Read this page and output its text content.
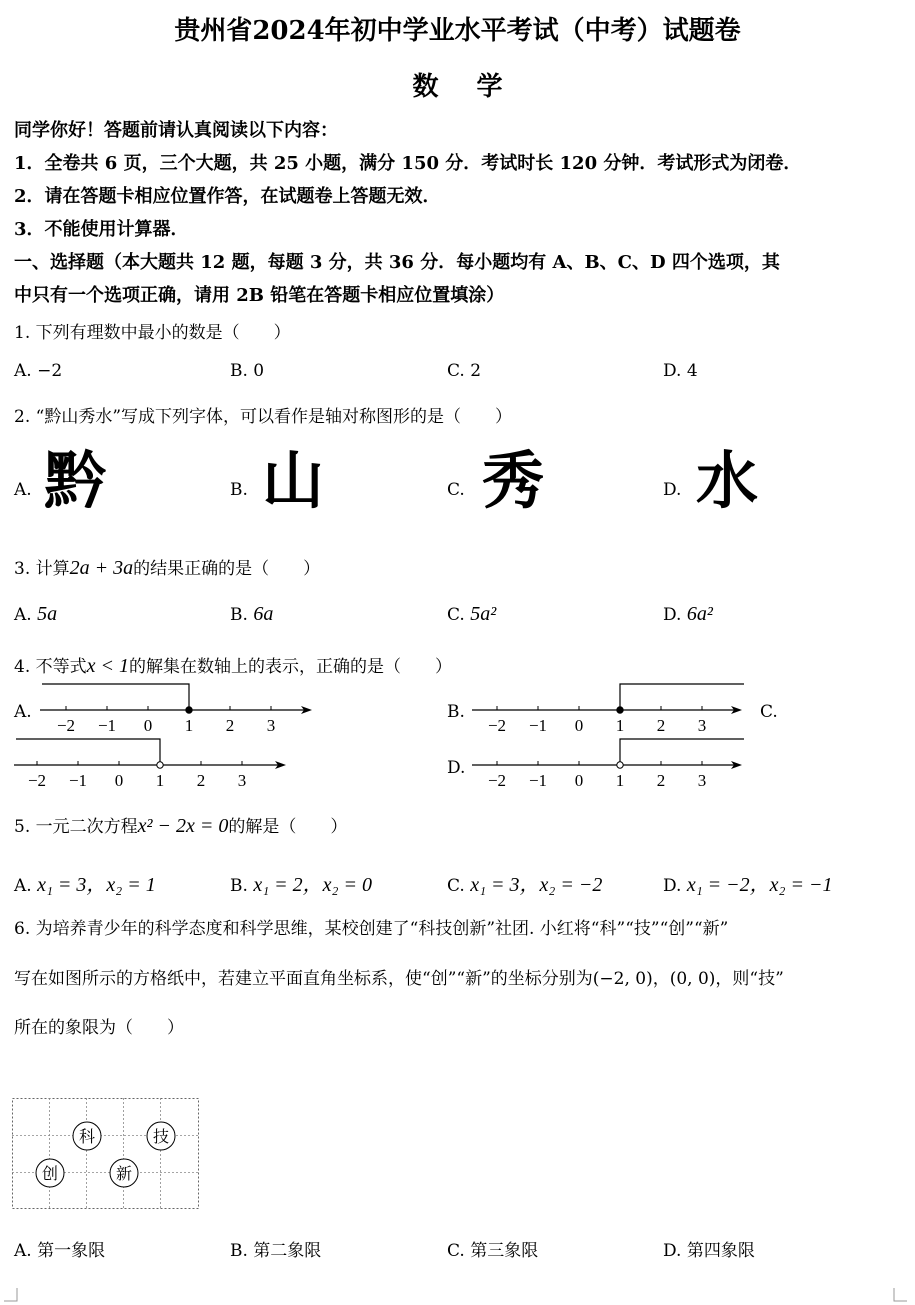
贵州省2024年初中学业水平考试（中考）试题卷
数学
同学你好！答题前请认真阅读以下内容：
1．全卷共 6 页，三个大题，共 25 小题，满分 150 分．考试时长 120 分钟．考试形式为闭卷．
2．请在答题卡相应位置作答，在试题卷上答题无效．
3．不能使用计算器．
一、选择题（本大题共 12 题，每题 3 分，共 36 分．每小题均有 A、B、C、D 四个选项，其
中只有一个选项正确，请用 2B 铅笔在答题卡相应位置填涂）
1. 下列有理数中最小的数是（　　）
A. −2	B. 0	C. 2	D. 4
2. “黔山秀水”写成下列字体，可以看作是轴对称图形的是（　　）
A. 黔	B. 山	C. 秀	D. 水
3. 计算2a + 3a的结果正确的是（　　）
A. 5a	B. 6a	C. 5a²	D. 6a²
4. 不等式x < 1的解集在数轴上的表示，正确的是（　　）
A.	B.	C.
D.
−2 −1 0 1 2 3	−2 −1 0 1 2 3
−2 −1 0 1 2 3	−2 −1 0 1 2 3
5. 一元二次方程x² − 2x = 0的解是（　　）
A. x₁ = 3，x₂ = 1	B. x₁ = 2，x₂ = 0	C. x₁ = 3，x₂ = −2	D. x₁ = −2，x₂ = −1
6. 为培养青少年的科学态度和科学思维，某校创建了“科技创新”社团. 小红将“科”“技”“创”“新”
写在如图所示的方格纸中，若建立平面直角坐标系，使“创”“新”的坐标分别为(−2, 0)，(0, 0)，则“技”
所在的象限为（　　）
科	技
创	新
A. 第一象限	B. 第二象限	C. 第三象限	D. 第四象限
